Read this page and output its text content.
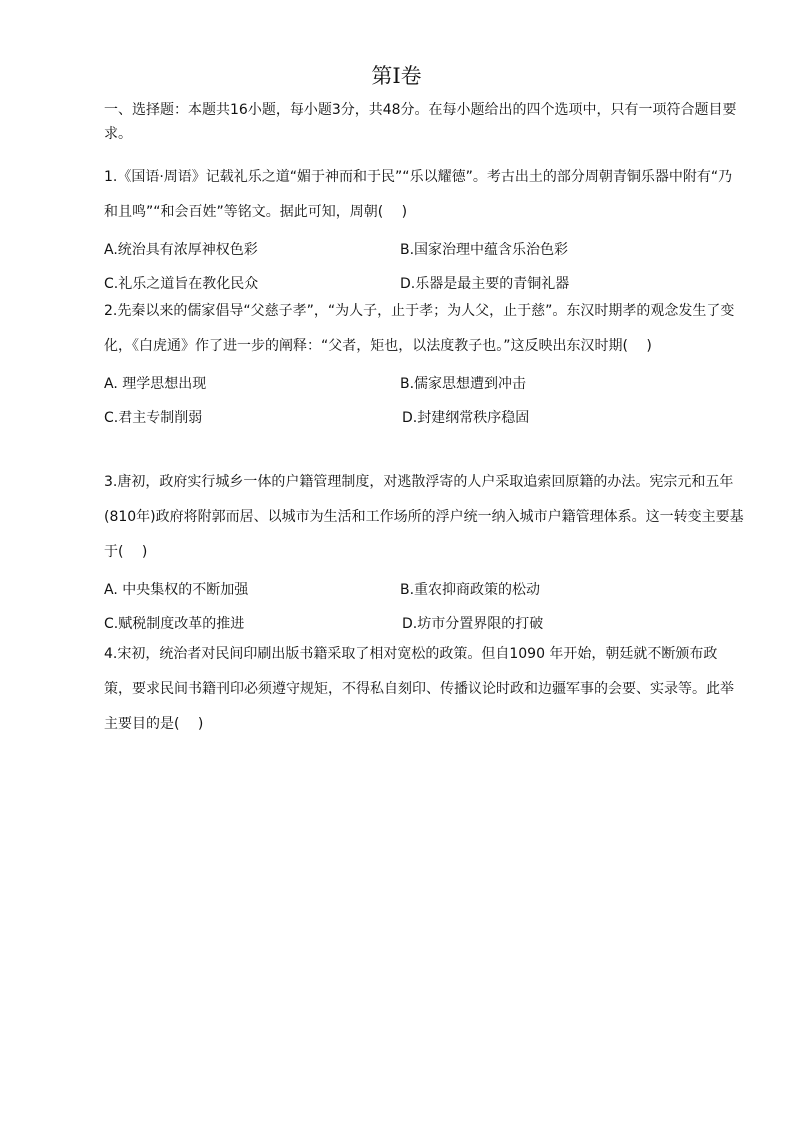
第I卷
一、选择题：本题共16小题，每小题3分，共48分。在每小题给出的四个选项中，只有一项符合题目要求。
1.《国语·周语》记载礼乐之道“媚于神而和于民”“乐以耀德”。考古出土的部分周朝青铜乐器中附有“乃和且鸣”“和会百姓”等铭文。据此可知，周朝(　 )
A.统治具有浓厚神权色彩	B.国家治理中蕴含乐治色彩
C.礼乐之道旨在教化民众	D.乐器是最主要的青铜礼器
2.先秦以来的儒家倡导“父慈子孝”，“为人子，止于孝；为人父，止于慈”。东汉时期孝的观念发生了变化，《白虎通》作了进一步的阐释：“父者，矩也，以法度教子也。”这反映出东汉时期(　 )
A. 理学思想出现	B.儒家思想遭到冲击
C.君主专制削弱	D.封建纲常秩序稳固
3.唐初，政府实行城乡一体的户籍管理制度，对逃散浮寄的人户采取追索回原籍的办法。宪宗元和五年(810年)政府将附郭而居、以城市为生活和工作场所的浮户统一纳入城市户籍管理体系。这一转变主要基于(　 )
A. 中央集权的不断加强	B.重农抑商政策的松动
C.赋税制度改革的推进	D.坊市分置界限的打破
4.宋初，统治者对民间印刷出版书籍采取了相对宽松的政策。但自1090 年开始，朝廷就不断颁布政策，要求民间书籍刊印必须遵守规矩，不得私自刻印、传播议论时政和边疆军事的会要、实录等。此举主要目的是(　 )
